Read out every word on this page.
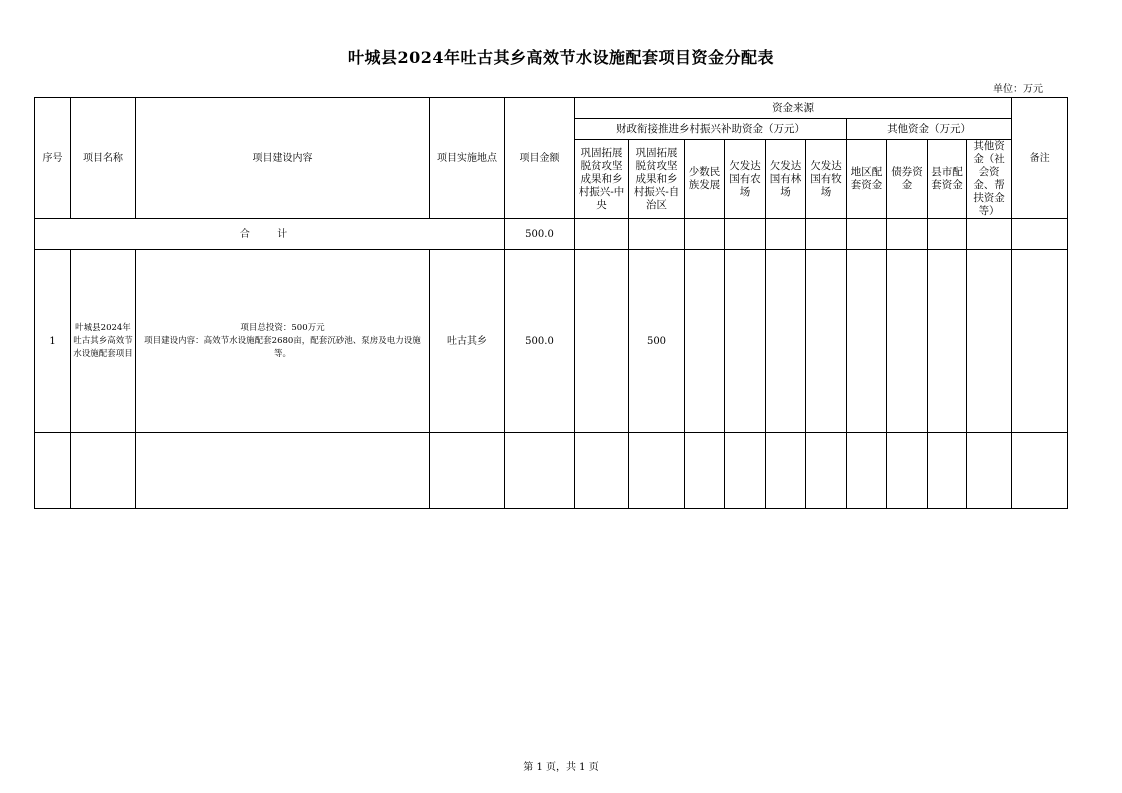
叶城县2024年吐古其乡高效节水设施配套项目资金分配表
单位：万元
序号	项目名称	项目建设内容	项目实施地点	项目金额	资金来源										备注
					财政衔接推进乡村振兴补助资金（万元）						其他资金（万元）				
					巩固拓展脱贫攻坚成果和乡村振兴-中央	巩固拓展脱贫攻坚成果和乡村振兴-自治区	少数民族发展	欠发达国有农场	欠发达国有林场	欠发达国有牧场	地区配套资金	债券资金	县市配套资金	其他资金（社会资金、帮扶资金等）	
合 计				500.0											
1	叶城县2024年吐古其乡高效节水设施配套项目	项目总投资：500万元
项目建设内容：高效节水设施配套2680亩，配套沉砂池、泵房及电力设施等。	吐古其乡	500.0		500									

第 1 页，共 1 页
